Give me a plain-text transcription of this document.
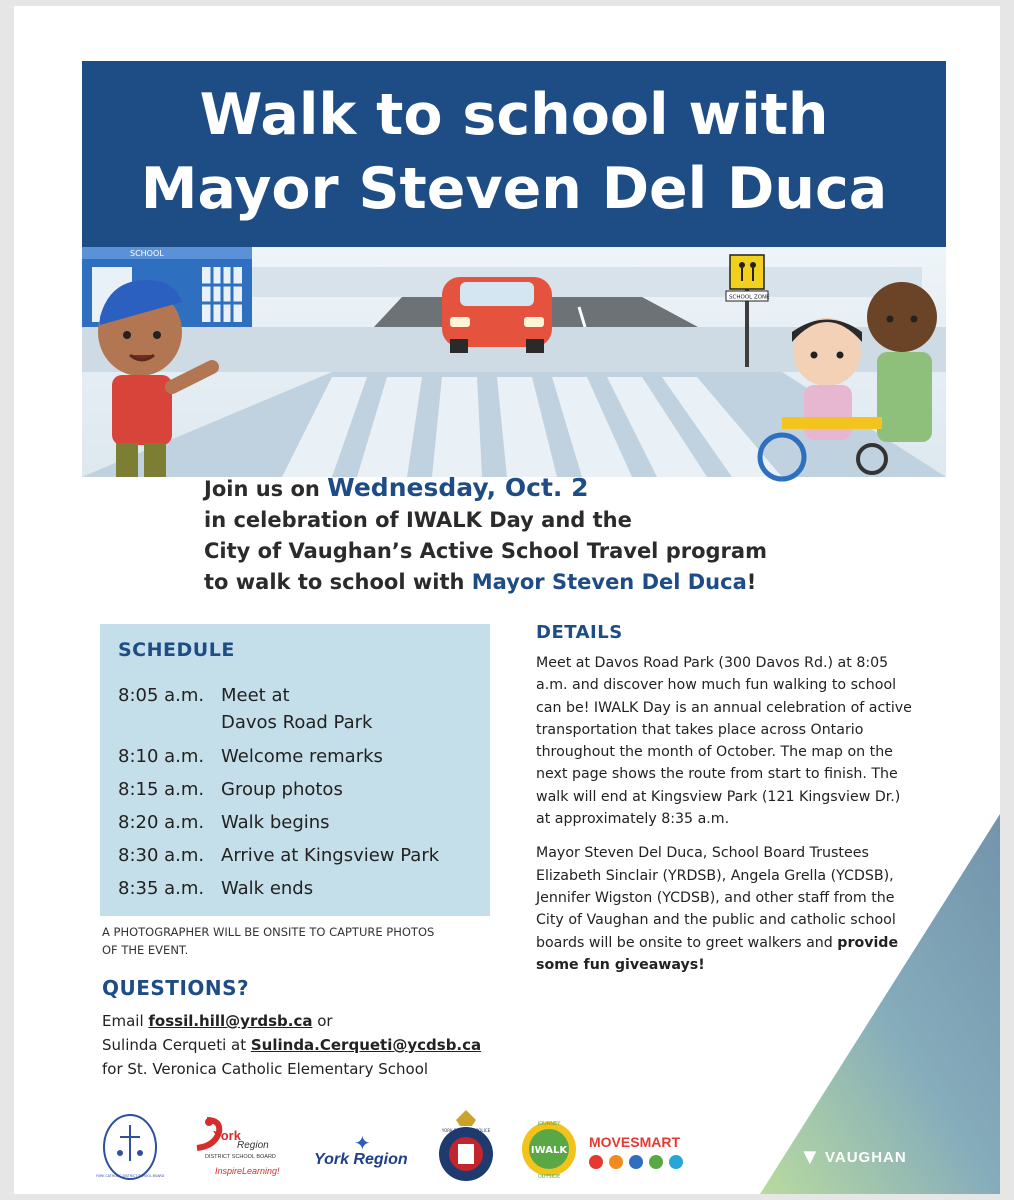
Walk to school with
Mayor Steven Del Duca
SCHOOL
SCHOOL ZONE

Join us on Wednesday, Oct. 2

in celebration of IWALK Day and the

City of Vaughan’s Active School Travel program

to walk to school with Mayor Steven Del Duca!

SCHEDULE
8:05 a.m. Meet at
Davos Road Park
8:10 a.m. Welcome remarks
8:15 a.m. Group photos
8:20 a.m. Walk begins
8:30 a.m. Arrive at Kingsview Park
8:35 a.m. Walk ends
A PHOTOGRAPHER WILL BE ONSITE TO CAPTURE PHOTOS
OF THE EVENT.
QUESTIONS?
Email fossil.hill@yrdsb.ca or
Sulinda Cerqueti at Sulinda.Cerqueti@ycdsb.ca
for St. Veronica Catholic Elementary School
DETAILS

Meet at Davos Road Park (300 Davos Rd.) at 8:05 a.m. and discover how much fun walking to school can be! IWALK Day is an annual celebration of active transportation that takes place across Ontario throughout the month of October. The map on the next page shows the route from start to finish. The walk will end at Kingsview Park (121 Kingsview Dr.) at approximately 8:35 a.m.

Mayor Steven Del Duca, School Board Trustees Elizabeth Sinclair (YRDSB), Angela Grella (YCDSB), Jennifer Wigston (YCDSB), and other staff from the City of Vaughan and the public and catholic school boards will be onsite to greet walkers and provide some fun giveaways!

YORK CATHOLIC DISTRICT SCHOOL BOARD
York
Region
DISTRICT SCHOOL BOARD
InspireLearning!
✦
York Region
YORK REGIONAL POLICE
IWALK
JOURNEY
OUTSIDE
MOVESMART
▼ VAUGHAN
